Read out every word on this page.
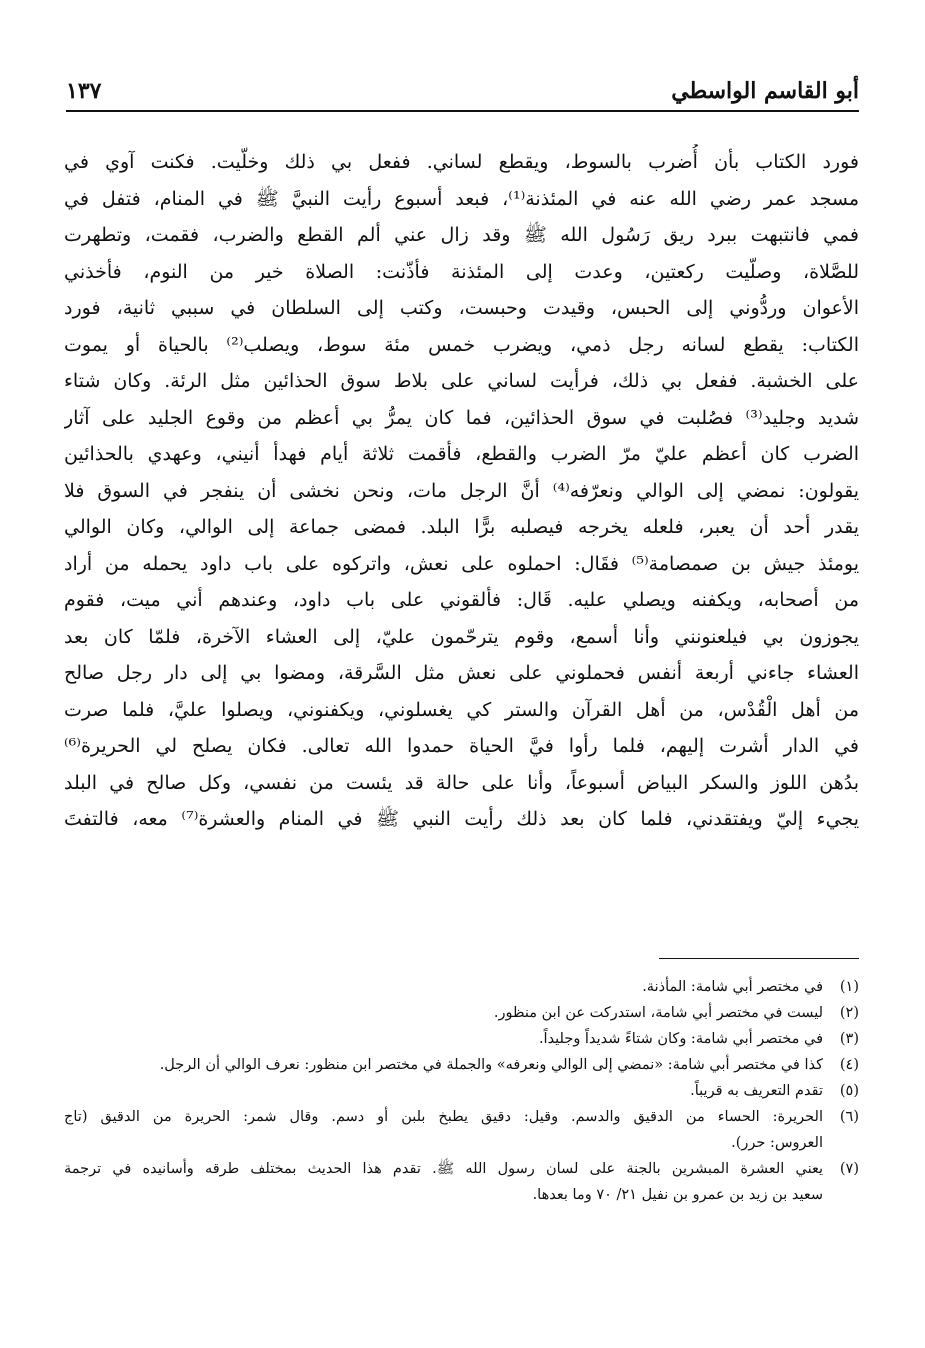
أبو القاسم الواسطي
١٣٧
فورد الكتاب بأن أُضرب بالسوط، ويقطع لساني. ففعل بي ذلك وخلّيت. فكنت آوي في
مسجد عمر رضي الله عنه في المئذنة⁽¹⁾، فبعد أسبوع رأيت النبيَّ ﷺ في المنام، فتفل في
فمي فانتبهت ببرد ريق رَسُول الله ﷺ وقد زال عني ألم القطع والضرب، فقمت، وتطهرت
للصَّلاة، وصلّيت ركعتين، وعدت إلى المئذنة فأذّنت: الصلاة خير من النوم، فأخذني
الأعوان وردُّوني إلى الحبس، وقيدت وحبست، وكتب إلى السلطان في سببي ثانية، فورد
الكتاب: يقطع لسانه رجل ذمي، ويضرب خمس مئة سوط، ويصلب⁽²⁾ بالحياة أو يموت
على الخشبة. ففعل بي ذلك، فرأيت لساني على بلاط سوق الحذائين مثل الرئة. وكان شتاء
شديد وجليد⁽³⁾ فصُلبت في سوق الحذائين، فما كان يمرُّ بي أعظم من وقوع الجليد على آثار
الضرب كان أعظم عليّ مرّ الضرب والقطع، فأقمت ثلاثة أيام فهدأ أنيني، وعهدي بالحذائين
يقولون: نمضي إلى الوالي ونعرّفه⁽⁴⁾ أنَّ الرجل مات، ونحن نخشى أن ينفجر في السوق فلا
يقدر أحد أن يعبر، فلعله يخرجه فيصلبه برًّا البلد. فمضى جماعة إلى الوالي، وكان الوالي
يومئذ جيش بن صمصامة⁽⁵⁾ فقَال: احملوه على نعش، واتركوه على باب داود يحمله من أراد
من أصحابه، ويكفنه ويصلي عليه. قَال: فألقوني على باب داود، وعندهم أني ميت، فقوم
يجوزون بي فيلعنونني وأنا أسمع، وقوم يترحّمون عليّ، إلى العشاء الآخرة، فلمّا كان بعد
العشاء جاءني أربعة أنفس فحملوني على نعش مثل السَّرقة، ومضوا بي إلى دار رجل صالح
من أهل الْقُدْس، من أهل القرآن والستر كي يغسلوني، ويكفنوني، ويصلوا عليَّ، فلما صرت
في الدار أشرت إليهم، فلما رأوا فيَّ الحياة حمدوا الله تعالى. فكان يصلح لي الحريرة⁽⁶⁾
بدُهن اللوز والسكر البياض أسبوعاً، وأنا على حالة قد يئست من نفسي، وكل صالح في البلد
يجيء إليّ ويفتقدني، فلما كان بعد ذلك رأيت النبي ﷺ في المنام والعشرة⁽⁷⁾ معه، فالتفتَ
(١)
في مختصر أبي شامة: المأذنة.
(٢)
ليست في مختصر أبي شامة، استدركت عن ابن منظور.
(٣)
في مختصر أبي شامة: وكان شتاءً شديداً وجليداً.
(٤)
كذا في مختصر أبي شامة: «نمضي إلى الوالي ونعرفه» والجملة في مختصر ابن منظور: نعرف الوالي أن الرجل.
(٥)
تقدم التعريف به قريباً.
(٦)
الحريرة: الحساء من الدقيق والدسم. وقيل: دقيق يطبخ بلبن أو دسم. وقال شمر: الحريرة من الدقيق (تاج
العروس: حرر).
(٧)
يعني العشرة المبشرين بالجنة على لسان رسول الله ﷺ. تقدم هذا الحديث بمختلف طرقه وأسانيده في ترجمة
سعيد بن زيد بن عمرو بن نفيل ٢١/ ٧٠ وما بعدها.
